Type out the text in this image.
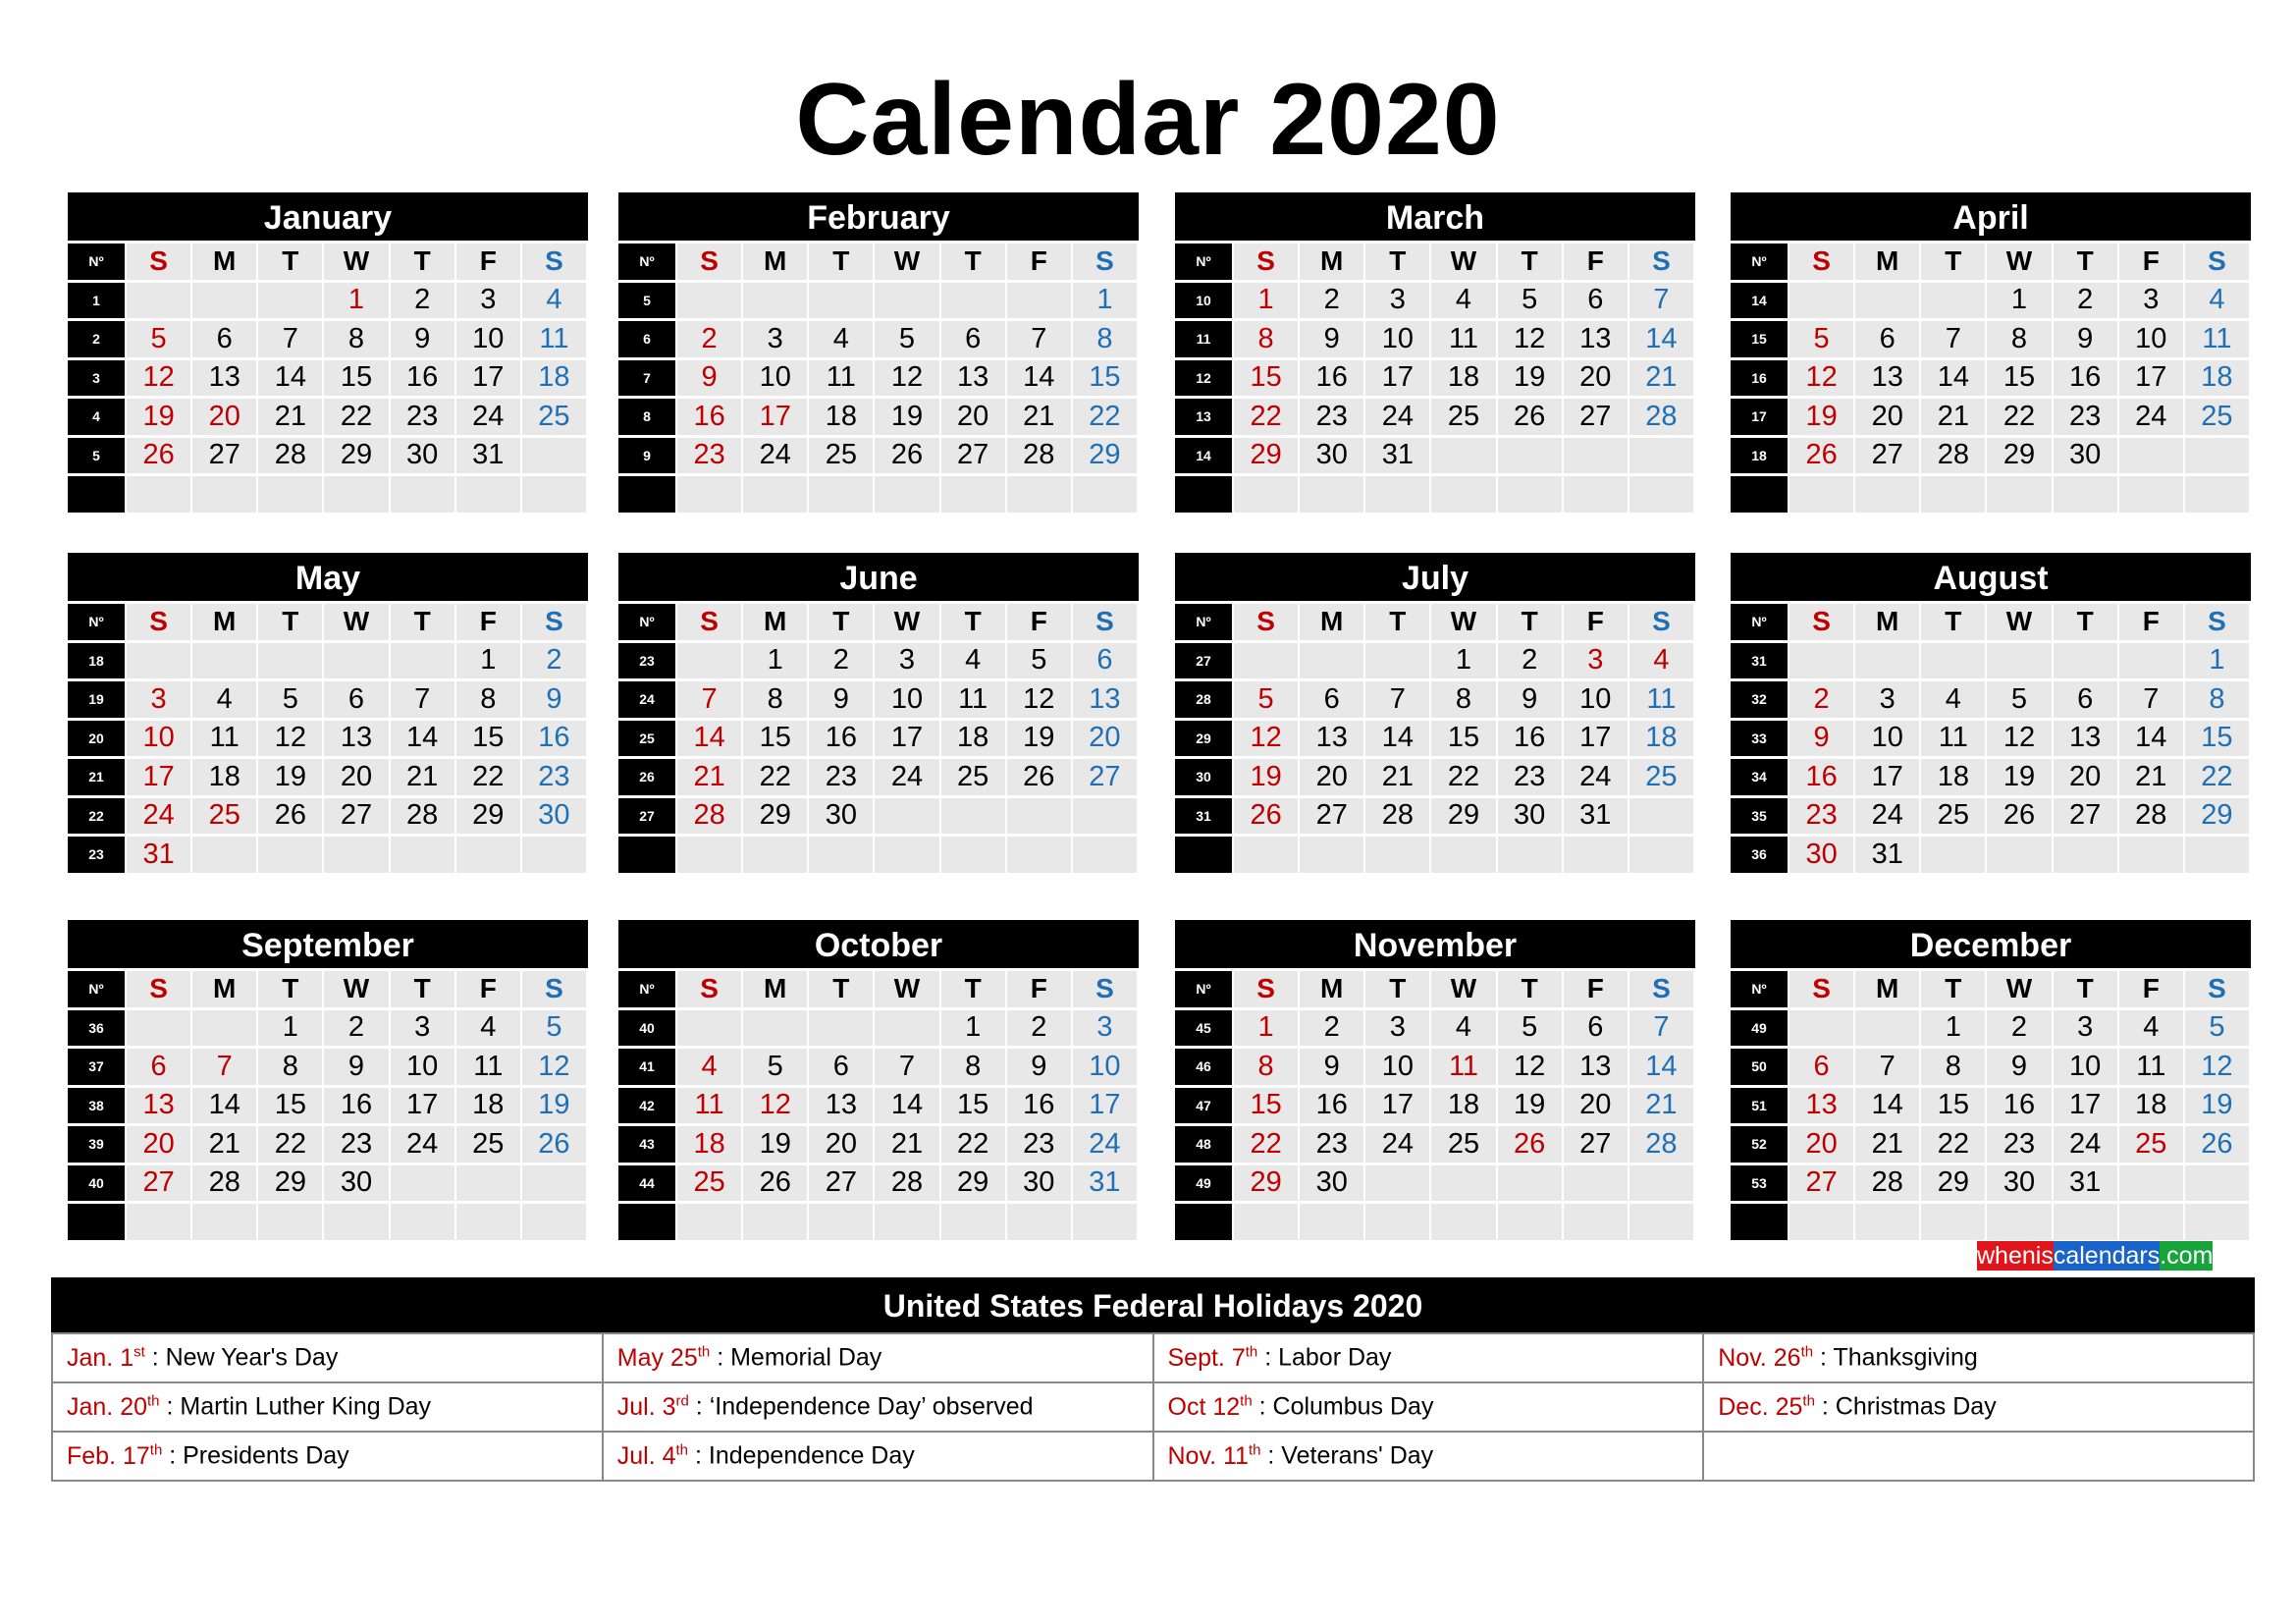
Calendar 2020
January
Nº	S	M	T	W	T	F	S
1				1	2	3	4
2	5	6	7	8	9	10	11
3	12	13	14	15	16	17	18
4	19	20	21	22	23	24	25
5	26	27	28	29	30	31	

February
Nº	S	M	T	W	T	F	S
5							1
6	2	3	4	5	6	7	8
7	9	10	11	12	13	14	15
8	16	17	18	19	20	21	22
9	23	24	25	26	27	28	29

March
Nº	S	M	T	W	T	F	S
10	1	2	3	4	5	6	7
11	8	9	10	11	12	13	14
12	15	16	17	18	19	20	21
13	22	23	24	25	26	27	28
14	29	30	31				

April
Nº	S	M	T	W	T	F	S
14				1	2	3	4
15	5	6	7	8	9	10	11
16	12	13	14	15	16	17	18
17	19	20	21	22	23	24	25
18	26	27	28	29	30		

May
Nº	S	M	T	W	T	F	S
18						1	2
19	3	4	5	6	7	8	9
20	10	11	12	13	14	15	16
21	17	18	19	20	21	22	23
22	24	25	26	27	28	29	30
23	31						
June
Nº	S	M	T	W	T	F	S
23		1	2	3	4	5	6
24	7	8	9	10	11	12	13
25	14	15	16	17	18	19	20
26	21	22	23	24	25	26	27
27	28	29	30				

July
Nº	S	M	T	W	T	F	S
27				1	2	3	4
28	5	6	7	8	9	10	11
29	12	13	14	15	16	17	18
30	19	20	21	22	23	24	25
31	26	27	28	29	30	31	

August
Nº	S	M	T	W	T	F	S
31							1
32	2	3	4	5	6	7	8
33	9	10	11	12	13	14	15
34	16	17	18	19	20	21	22
35	23	24	25	26	27	28	29
36	30	31					
September
Nº	S	M	T	W	T	F	S
36			1	2	3	4	5
37	6	7	8	9	10	11	12
38	13	14	15	16	17	18	19
39	20	21	22	23	24	25	26
40	27	28	29	30			

October
Nº	S	M	T	W	T	F	S
40					1	2	3
41	4	5	6	7	8	9	10
42	11	12	13	14	15	16	17
43	18	19	20	21	22	23	24
44	25	26	27	28	29	30	31

November
Nº	S	M	T	W	T	F	S
45	1	2	3	4	5	6	7
46	8	9	10	11	12	13	14
47	15	16	17	18	19	20	21
48	22	23	24	25	26	27	28
49	29	30					

December
Nº	S	M	T	W	T	F	S
49			1	2	3	4	5
50	6	7	8	9	10	11	12
51	13	14	15	16	17	18	19
52	20	21	22	23	24	25	26
53	27	28	29	30	31		

wheniscalendars.com
United States Federal Holidays 2020
Jan. 1st : New Year's Day	May 25th : Memorial Day	Sept. 7th : Labor Day	Nov. 26th : Thanksgiving
Jan. 20th : Martin Luther King Day	Jul. 3rd : ‘Independence Day’ observed	Oct 12th : Columbus Day	Dec. 25th : Christmas Day
Feb. 17th : Presidents Day	Jul. 4th : Independence Day	Nov. 11th : Veterans' Day	
